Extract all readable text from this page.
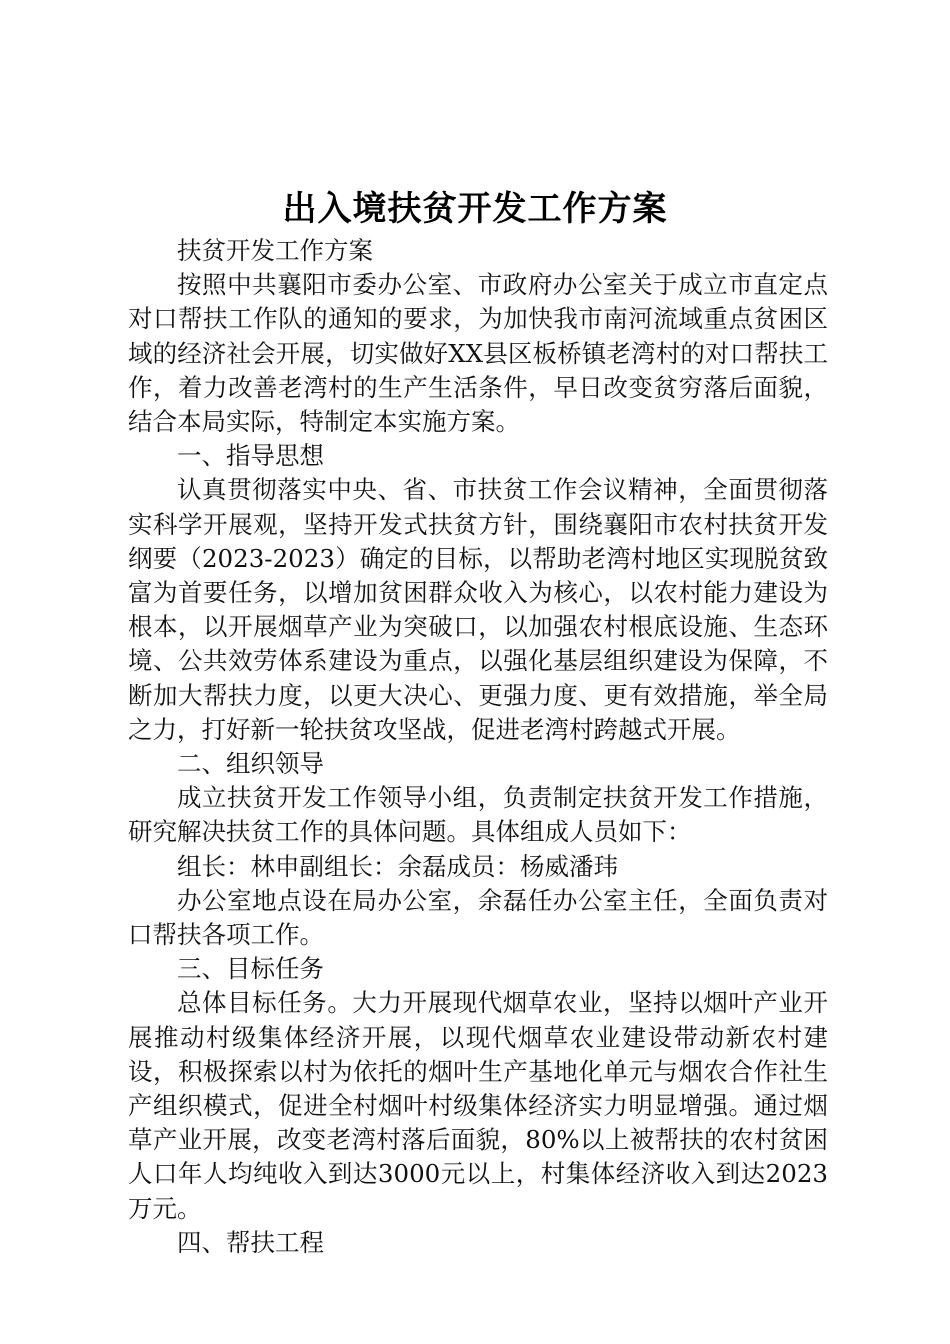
出入境扶贫开发工作方案

扶贫开发工作方案

按照中共襄阳市委办公室、市政府办公室关于成立市直定点对口帮扶工作队的通知的要求，为加快我市南河流域重点贫困区域的经济社会开展，切实做好XX县区板桥镇老湾村的对口帮扶工作，着力改善老湾村的生产生活条件，早日改变贫穷落后面貌，结合本局实际，特制定本实施方案。

一、指导思想

认真贯彻落实中央、省、市扶贫工作会议精神，全面贯彻落实科学开展观，坚持开发式扶贫方针，围绕襄阳市农村扶贫开发纲要（2023-2023）确定的目标，以帮助老湾村地区实现脱贫致富为首要任务，以增加贫困群众收入为核心，以农村能力建设为根本，以开展烟草产业为突破口，以加强农村根底设施、生态环境、公共效劳体系建设为重点，以强化基层组织建设为保障，不断加大帮扶力度，以更大决心、更强力度、更有效措施，举全局之力，打好新一轮扶贫攻坚战，促进老湾村跨越式开展。

二、组织领导

成立扶贫开发工作领导小组，负责制定扶贫开发工作措施，研究解决扶贫工作的具体问题。具体组成人员如下：

组长：林申副组长：余磊成员：杨威潘玮

办公室地点设在局办公室，余磊任办公室主任，全面负责对口帮扶各项工作。

三、目标任务

总体目标任务。大力开展现代烟草农业，坚持以烟叶产业开展推动村级集体经济开展，以现代烟草农业建设带动新农村建设，积极探索以村为依托的烟叶生产基地化单元与烟农合作社生产组织模式，促进全村烟叶村级集体经济实力明显增强。通过烟草产业开展，改变老湾村落后面貌，80%以上被帮扶的农村贫困人口年人均纯收入到达3000元以上，村集体经济收入到达2023万元。

四、帮扶工程
